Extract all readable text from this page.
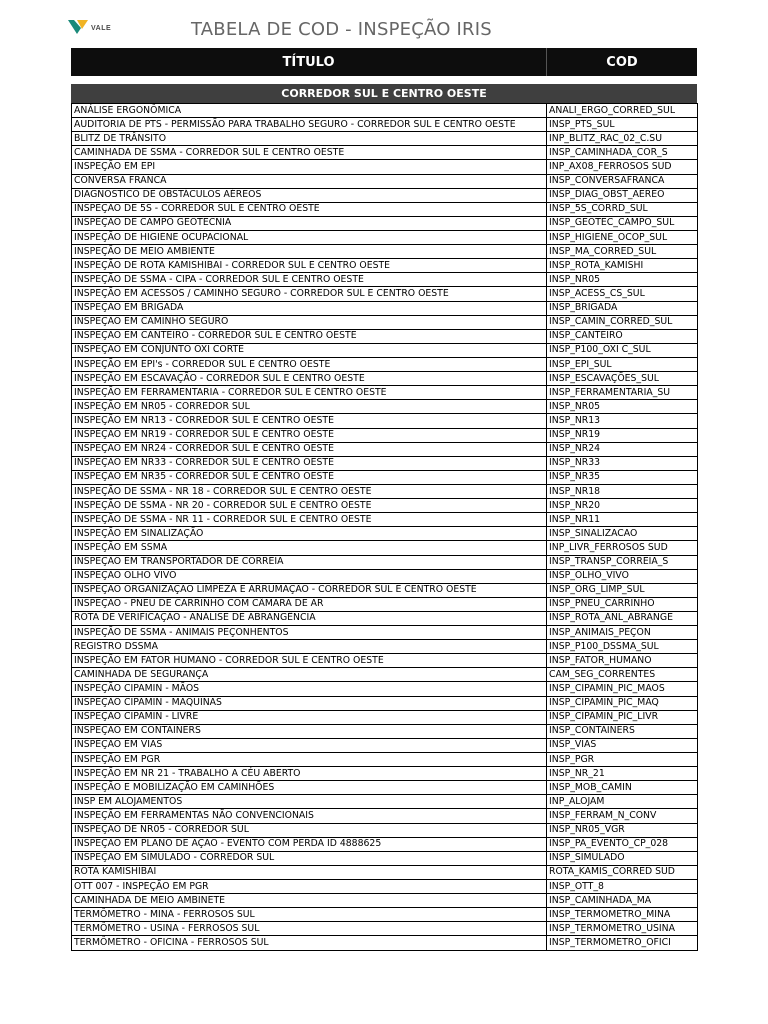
VALE	TABELA DE COD - INSPEÇÃO IRIS
TÍTULO	COD
CORREDOR SUL E CENTRO OESTE
ANÁLISE ERGONÔMICA	ANALI_ERGO_CORRED_SUL
AUDITORIA DE PTS - PERMISSÃO PARA TRABALHO SEGURO - CORREDOR SUL E CENTRO OESTE	INSP_PTS_SUL
BLITZ DE TRÂNSITO	INP_BLITZ_RAC_02_C.SU
CAMINHADA DE SSMA - CORREDOR SUL E CENTRO OESTE	INSP_CAMINHADA_COR_S
INSPEÇÃO EM EPI	INP_AX08_FERROSOS SUD
CONVERSA FRANCA	INSP_CONVERSAFRANCA
DIAGNÓSTICO DE OBSTÁCULOS AÉREOS	INSP_DIAG_OBST_AEREO
INSPEÇÃO DE 5S - CORREDOR SUL E CENTRO OESTE	INSP_5S_CORRD_SUL
INSPEÇÃO DE CAMPO GEOTECNIA	INSP_GEOTEC_CAMPO_SUL
INSPEÇÃO DE HIGIENE OCUPACIONAL	INSP_HIGIENE_OCOP_SUL
INSPEÇÃO DE MEIO AMBIENTE	INSP_MA_CORRED_SUL
INSPEÇÃO DE ROTA KAMISHIBAI - CORREDOR SUL E CENTRO OESTE	INSP_ROTA_KAMISHI
INSPEÇÃO DE SSMA - CIPA - CORREDOR SUL E CENTRO OESTE	INSP_NR05
INSPEÇÃO EM ACESSOS / CAMINHO SEGURO - CORREDOR SUL E CENTRO OESTE	INSP_ACESS_CS_SUL
INSPEÇÃO EM BRIGADA	INSP_BRIGADA
INSPEÇÃO EM CAMINHO SEGURO	INSP_CAMIN_CORRED_SUL
INSPEÇÃO EM CANTEIRO - CORREDOR SUL E CENTRO OESTE	INSP_CANTEIRO
INSPEÇÃO EM CONJUNTO OXI CORTE	INSP_P100_OXI C_SUL
INSPEÇÃO EM EPI's - CORREDOR SUL E CENTRO OESTE	INSP_EPI_SUL
INSPEÇÃO EM ESCAVAÇÃO - CORREDOR SUL E CENTRO OESTE	INSP_ESCAVAÇÕES_SUL
INSPEÇÃO EM FERRAMENTARIA - CORREDOR SUL E CENTRO OESTE	INSP_FERRAMENTARIA_SU
INSPEÇÃO EM NR05 - CORREDOR SUL	INSP_NR05
INSPEÇÃO EM NR13 - CORREDOR SUL E CENTRO OESTE	INSP_NR13
INSPEÇÃO EM NR19 - CORREDOR SUL E CENTRO OESTE	INSP_NR19
INSPEÇÃO EM NR24 - CORREDOR SUL E CENTRO OESTE	INSP_NR24
INSPEÇÃO EM NR33 - CORREDOR SUL E CENTRO OESTE	INSP_NR33
INSPEÇÃO EM NR35 - CORREDOR SUL E CENTRO OESTE	INSP_NR35
INSPEÇÃO DE SSMA - NR 18 - CORREDOR SUL E CENTRO OESTE	INSP_NR18
INSPEÇÃO DE SSMA - NR 20 - CORREDOR SUL E CENTRO OESTE	INSP_NR20
INSPEÇÃO DE SSMA - NR 11 - CORREDOR SUL E CENTRO OESTE	INSP_NR11
INSPEÇÃO EM SINALIZAÇÃO	INSP_SINALIZACAO
INSPEÇÃO EM SSMA	INP_LIVR_FERROSOS SUD
INSPEÇÃO EM TRANSPORTADOR DE CORREIA	INSP_TRANSP_CORREIA_S
INSPEÇÃO OLHO VIVO	INSP_OLHO_VIVO
INSPEÇÃO ORGANIZAÇÃO LIMPEZA E ARRUMAÇÃO - CORREDOR SUL E CENTRO OESTE	INSP_ORG_LIMP_SUL
INSPEÇÃO - PNEU DE CARRINHO COM CÂMARA DE AR	INSP_PNEU_CARRINHO
ROTA DE VERIFICAÇÃO - ANÁLISE DE ABRANGÊNCIA	INSP_ROTA_ANL_ABRANGE
INSPEÇÃO DE SSMA - ANIMAIS PEÇONHENTOS	INSP_ANIMAIS_PEÇON
REGISTRO DSSMA	INSP_P100_DSSMA_SUL
INSPEÇÃO EM FATOR HUMANO - CORREDOR SUL E CENTRO OESTE	INSP_FATOR_HUMANO
CAMINHADA DE SEGURANÇA	CAM_SEG_CORRENTES
INSPEÇÃO CIPAMIN - MÃOS	INSP_CIPAMIN_PIC_MAOS
INSPEÇÃO CIPAMIN - MAQUINAS	INSP_CIPAMIN_PIC_MAQ
INSPEÇÃO CIPAMIN - LIVRE	INSP_CIPAMIN_PIC_LIVR
INSPEÇÃO EM CONTAINERS	INSP_CONTAINERS
INSPEÇÃO EM VIAS	INSP_VIAS
INSPEÇÃO EM PGR	INSP_PGR
INSPEÇÃO EM NR 21 - TRABALHO A CÉU ABERTO	INSP_NR_21
INSPEÇÃO E MOBILIZAÇÃO EM CAMINHÕES	INSP_MOB_CAMIN
INSP EM ALOJAMENTOS	INP_ALOJAM
INSPEÇÃO EM FERRAMENTAS NÃO CONVENCIONAIS	INSP_FERRAM_N_CONV
INSPEÇÃO DE NR05 - CORREDOR SUL	INSP_NR05_VGR
INSPEÇÃO EM PLANO DE AÇÃO - EVENTO COM PERDA ID 4888625	INSP_PA_EVENTO_CP_028
INSPEÇÃO EM SIMULADO - CORREDOR SUL	INSP_SIMULADO
ROTA KAMISHIBAI	ROTA_KAMIS_CORRED SUD
OTT 007 - INSPEÇÃO EM PGR	INSP_OTT_8
CAMINHADA DE MEIO AMBINETE	INSP_CAMINHADA_MA
TERMÔMETRO - MINA - FERROSOS SUL	INSP_TERMOMETRO_MINA
TERMÔMETRO - USINA - FERROSOS SUL	INSP_TERMOMETRO_USINA
TERMÔMETRO - OFICINA - FERROSOS SUL	INSP_TERMOMETRO_OFICI
